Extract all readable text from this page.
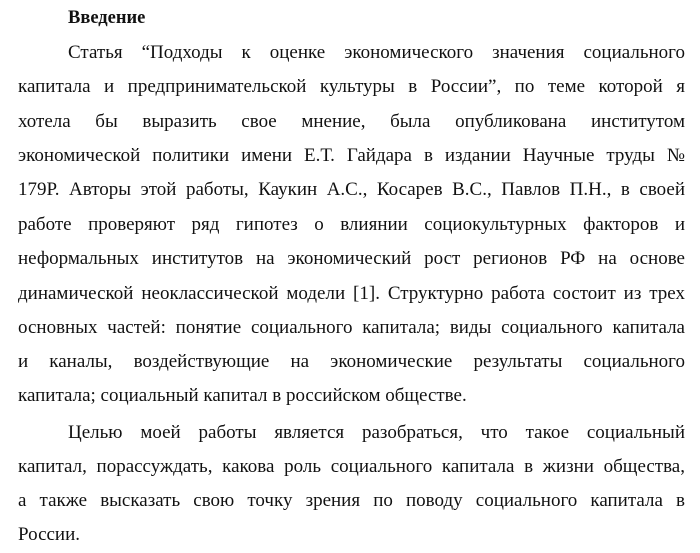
Введение
Статья “Подходы к оценке экономического значения социального
капитала и предпринимательской культуры в России”, по теме которой я
хотела бы выразить свое мнение, была опубликована институтом
экономической политики имени Е.Т. Гайдара в издании Научные труды №
179Р. Авторы этой работы, Каукин А.С., Косарев В.С., Павлов П.Н., в своей
работе проверяют ряд гипотез о влиянии социокультурных факторов и
неформальных институтов на экономический рост регионов РФ на основе
динамической неоклассической модели [1]. Структурно работа состоит из трех
основных частей: понятие социального капитала; виды социального капитала
и каналы, воздействующие на экономические результаты социального
капитала; социальный капитал в российском обществе.
Целью моей работы является разобраться, что такое социальный
капитал, порассуждать, какова роль социального капитала в жизни общества,
а также высказать свою точку зрения по поводу социального капитала в
России.
